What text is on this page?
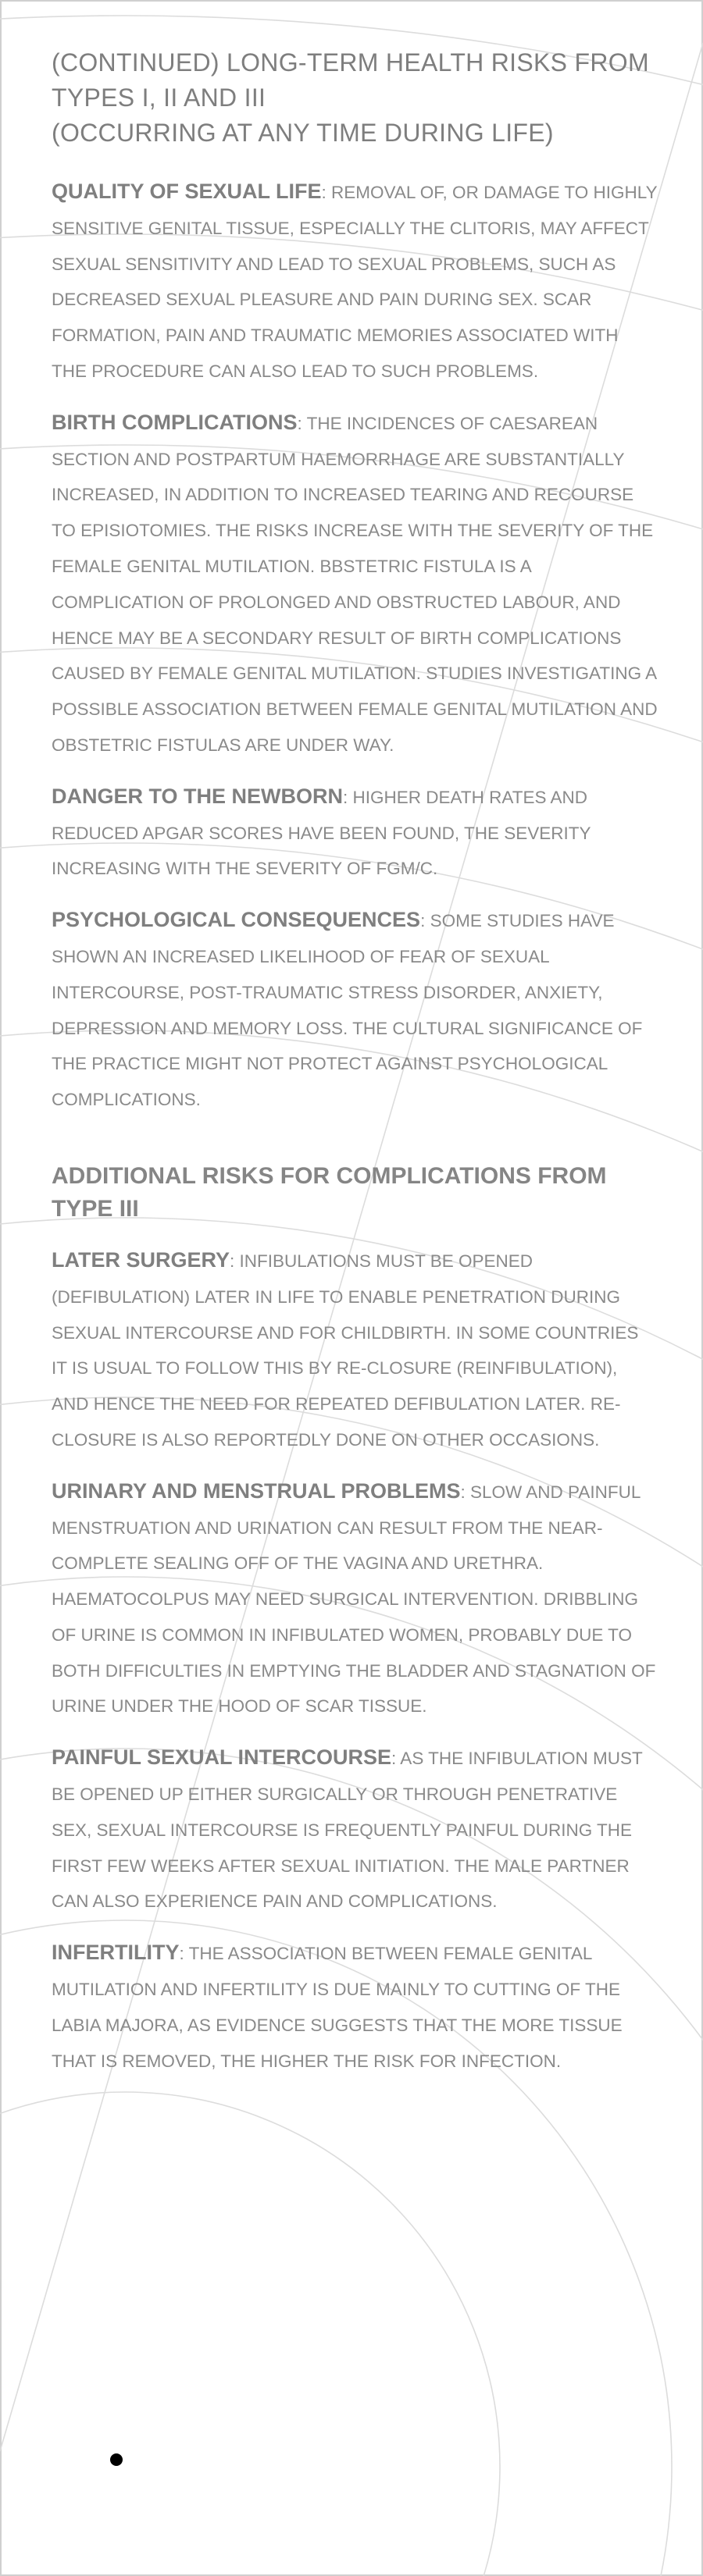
(CONTINUED) LONG-TERM HEALTH RISKS FROM
TYPES I, II AND III
(OCCURRING AT ANY TIME DURING LIFE)

QUALITY OF SEXUAL LIFE: REMOVAL OF, OR DAMAGE TO HIGHLY SENSITIVE GENITAL TISSUE, ESPECIALLY THE CLITORIS, MAY AFFECT SEXUAL SENSITIVITY AND LEAD TO SEXUAL PROBLEMS, SUCH AS DECREASED SEXUAL PLEASURE AND PAIN DURING SEX. SCAR FORMATION, PAIN AND TRAUMATIC MEMORIES ASSOCIATED WITH THE PROCEDURE CAN ALSO LEAD TO SUCH PROBLEMS.

BIRTH COMPLICATIONS: THE INCIDENCES OF CAESAREAN SECTION AND POSTPARTUM HAEMORRHAGE ARE SUBSTANTIALLY INCREASED, IN ADDITION TO INCREASED TEARING AND RECOURSE TO EPISIOTOMIES. THE RISKS INCREASE WITH THE SEVERITY OF THE FEMALE GENITAL MUTILATION. BBSTETRIC FISTULA IS A COMPLICATION OF PROLONGED AND OBSTRUCTED LABOUR, AND HENCE MAY BE A SECONDARY RESULT OF BIRTH COMPLICATIONS CAUSED BY FEMALE GENITAL MUTILATION. STUDIES INVESTIGATING A POSSIBLE ASSOCIATION BETWEEN FEMALE GENITAL MUTILATION AND OBSTETRIC FISTULAS ARE UNDER WAY.

DANGER TO THE NEWBORN: HIGHER DEATH RATES AND REDUCED APGAR SCORES HAVE BEEN FOUND, THE SEVERITY INCREASING WITH THE SEVERITY OF FGM/C.

PSYCHOLOGICAL CONSEQUENCES: SOME STUDIES HAVE SHOWN AN INCREASED LIKELIHOOD OF FEAR OF SEXUAL INTERCOURSE, POST-TRAUMATIC STRESS DISORDER, ANXIETY, DEPRESSION AND MEMORY LOSS. THE CULTURAL SIGNIFICANCE OF THE PRACTICE MIGHT NOT PROTECT AGAINST PSYCHOLOGICAL COMPLICATIONS.

ADDITIONAL RISKS FOR COMPLICATIONS FROM TYPE III

LATER SURGERY: INFIBULATIONS MUST BE OPENED (DEFIBULATION) LATER IN LIFE TO ENABLE PENETRATION DURING SEXUAL INTERCOURSE AND FOR CHILDBIRTH. IN SOME COUNTRIES IT IS USUAL TO FOLLOW THIS BY RE-CLOSURE (REINFIBULATION), AND HENCE THE NEED FOR REPEATED DEFIBULATION LATER. RE-CLOSURE IS ALSO REPORTEDLY DONE ON OTHER OCCASIONS.

URINARY AND MENSTRUAL PROBLEMS: SLOW AND PAINFUL MENSTRUATION AND URINATION CAN RESULT FROM THE NEAR-COMPLETE SEALING OFF OF THE VAGINA AND URETHRA. HAEMATOCOLPUS MAY NEED SURGICAL INTERVENTION. DRIBBLING OF URINE IS COMMON IN INFIBULATED WOMEN, PROBABLY DUE TO BOTH DIFFICULTIES IN EMPTYING THE BLADDER AND STAGNATION OF URINE UNDER THE HOOD OF SCAR TISSUE.

PAINFUL SEXUAL INTERCOURSE: AS THE INFIBULATION MUST BE OPENED UP EITHER SURGICALLY OR THROUGH PENETRATIVE SEX, SEXUAL INTERCOURSE IS FREQUENTLY PAINFUL DURING THE FIRST FEW WEEKS AFTER SEXUAL INITIATION. THE MALE PARTNER CAN ALSO EXPERIENCE PAIN AND COMPLICATIONS.

INFERTILITY: THE ASSOCIATION BETWEEN FEMALE GENITAL MUTILATION AND INFERTILITY IS DUE MAINLY TO CUTTING OF THE LABIA MAJORA, AS EVIDENCE SUGGESTS THAT THE MORE TISSUE THAT IS REMOVED, THE HIGHER THE RISK FOR INFECTION.
